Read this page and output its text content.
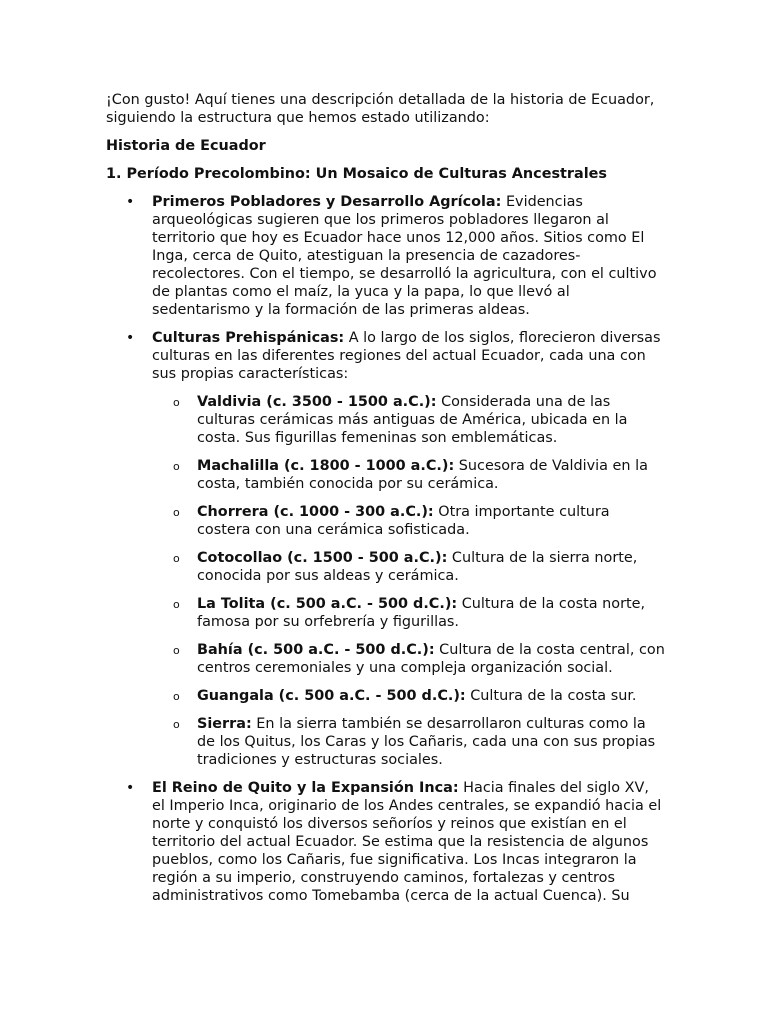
¡Con gusto! Aquí tienes una descripción detallada de la historia de Ecuador, siguiendo la estructura que hemos estado utilizando:

Historia de Ecuador

1. Período Precolombino: Un Mosaico de Culturas Ancestrales

• Primeros Pobladores y Desarrollo Agrícola: Evidencias arqueológicas sugieren que los primeros pobladores llegaron al territorio que hoy es Ecuador hace unos 12,000 años. Sitios como El Inga, cerca de Quito, atestiguan la presencia de cazadores-recolectores. Con el tiempo, se desarrolló la agricultura, con el cultivo de plantas como el maíz, la yuca y la papa, lo que llevó al sedentarismo y la formación de las primeras aldeas.
• Culturas Prehispánicas: A lo largo de los siglos, florecieron diversas culturas en las diferentes regiones del actual Ecuador, cada una con sus propias características:
o Valdivia (c. 3500 - 1500 a.C.): Considerada una de las culturas cerámicas más antiguas de América, ubicada en la costa. Sus figurillas femeninas son emblemáticas.
o Machalilla (c. 1800 - 1000 a.C.): Sucesora de Valdivia en la costa, también conocida por su cerámica.
o Chorrera (c. 1000 - 300 a.C.): Otra importante cultura costera con una cerámica sofisticada.
o Cotocollao (c. 1500 - 500 a.C.): Cultura de la sierra norte, conocida por sus aldeas y cerámica.
o La Tolita (c. 500 a.C. - 500 d.C.): Cultura de la costa norte, famosa por su orfebrería y figurillas.
o Bahía (c. 500 a.C. - 500 d.C.): Cultura de la costa central, con centros ceremoniales y una compleja organización social.
o Guangala (c. 500 a.C. - 500 d.C.): Cultura de la costa sur.
o Sierra: En la sierra también se desarrollaron culturas como la de los Quitus, los Caras y los Cañaris, cada una con sus propias tradiciones y estructuras sociales.
• El Reino de Quito y la Expansión Inca: Hacia finales del siglo XV, el Imperio Inca, originario de los Andes centrales, se expandió hacia el norte y conquistó los diversos señoríos y reinos que existían en el territorio del actual Ecuador. Se estima que la resistencia de algunos pueblos, como los Cañaris, fue significativa. Los Incas integraron la región a su imperio, construyendo caminos, fortalezas y centros administrativos como Tomebamba (cerca de la actual Cuenca). Su
